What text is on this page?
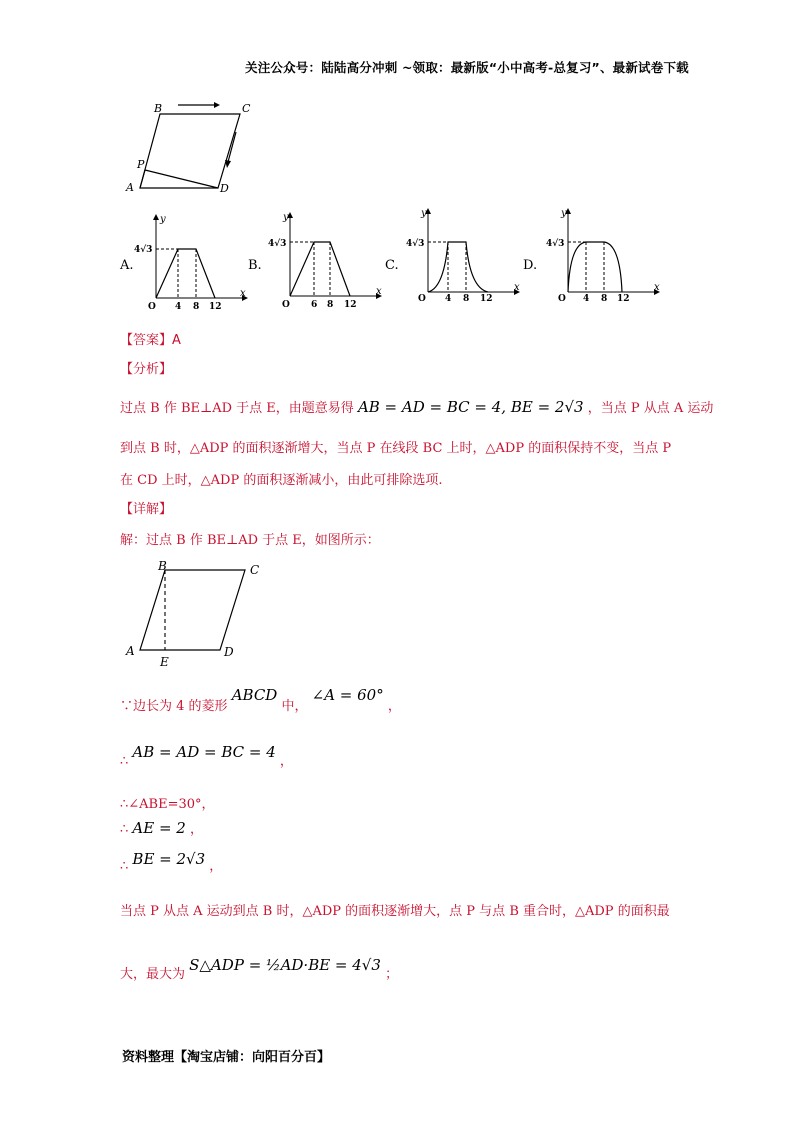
关注公众号：陆陆高分冲刺 ~领取：最新版“小中高考-总复习”、最新试卷下载
B	C
P
A	D
A.
4√3
y
x
O 4 8 12
B.
4√3
y
x
O 6 8 12
C.
4√3
y
x
O 4 8 12
D.
4√3
y
x
O 4 8 12
【答案】A
【分析】
过点 B 作 BE⊥AD 于点 E，由题意易得 AB = AD = BC = 4, BE = 2√3 ，当点 P 从点 A 运动
到点 B 时，△ADP 的面积逐渐增大，当点 P 在线段 BC 上时，△ADP 的面积保持不变，当点 P
在 CD 上时，△ADP 的面积逐渐减小，由此可排除选项.
【详解】
解：过点 B 作 BE⊥AD 于点 E，如图所示：
B	C
A	D
E
∵边长为 4 的菱形 ABCD 中， ∠A = 60° ，
∴ AB = AD = BC = 4 ，
∴∠ABE=30°，
∴ AE = 2 ，
∴ BE = 2√3 ，
当点 P 从点 A 运动到点 B 时，△ADP 的面积逐渐增大，点 P 与点 B 重合时，△ADP 的面积最
大，最大为 S△ADP = ½AD·BE = 4√3 ；
资料整理【淘宝店铺：向阳百分百】
